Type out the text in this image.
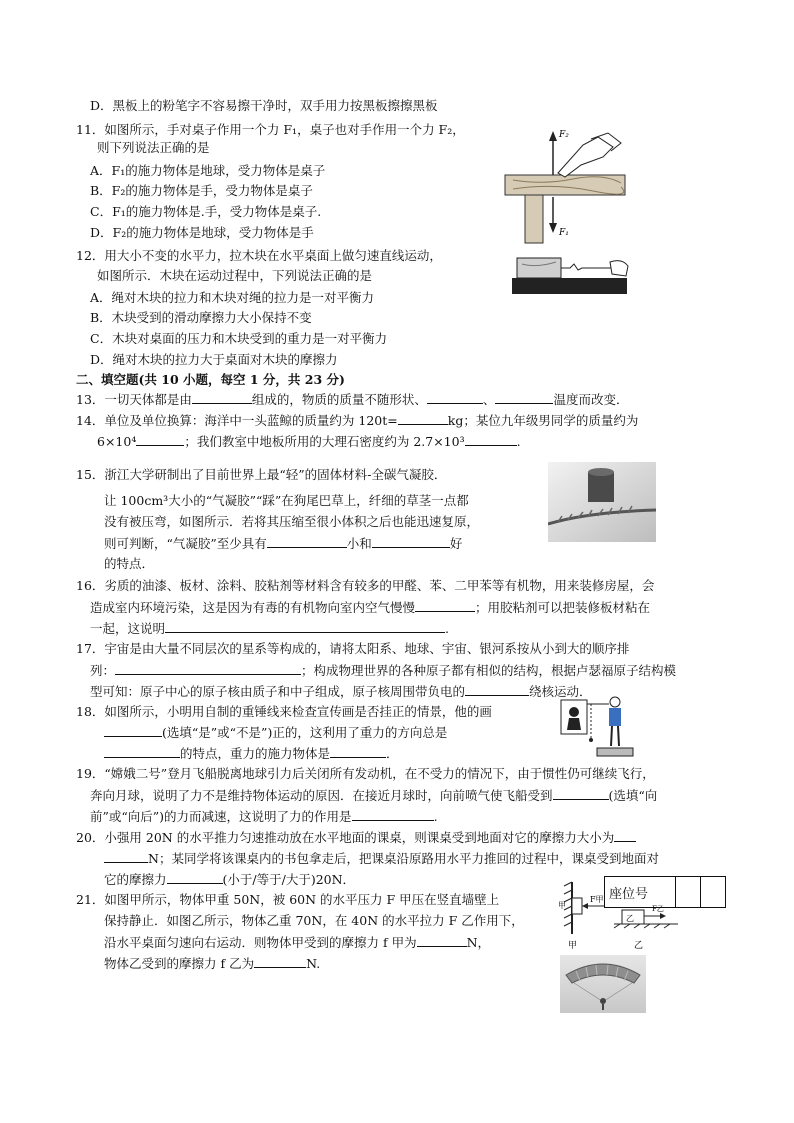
D．黑板上的粉笔字不容易擦干净时，双手用力按黑板擦擦黑板
11．如图所示，手对桌子作用一个力 F₁，桌子也对手作用一个力 F₂，
则下列说法正确的是
A．F₁的施力物体是地球，受力物体是桌子
B．F₂的施力物体是手，受力物体是桌子
C．F₁的施力物体是.手，受力物体是桌子.
D．F₂的施力物体是地球，受力物体是手
F₂
F₁
12．用大小不变的水平力，拉木块在水平桌面上做匀速直线运动，
如图所示．木块在运动过程中，下列说法正确的是
A．绳对木块的拉力和木块对绳的拉力是一对平衡力
B．木块受到的滑动摩擦力大小保持不变
C．木块对桌面的压力和木块受到的重力是一对平衡力
D．绳对木块的拉力大于桌面对木块的摩擦力
二、填空题(共 10 小题，每空 1 分，共 23 分)
13．一切天体都是由	组成的，物质的质量不随形状、	、	温度而改变．
14．单位及单位换算：海洋中一头蓝鲸的质量约为 120t=	kg；某位九年级男同学的质量约为
6×10⁴	；我们教室中地板所用的大理石密度约为 2.7×10³	.
15．浙江大学研制出了目前世界上最“轻”的固体材料-全碳气凝胶．
让 100cm³大小的“气凝胶”“踩”在狗尾巴草上，纤细的草茎一点都
没有被压弯，如图所示．若将其压缩至很小体积之后也能迅速复原，
则可判断，“气凝胶”至少具有	小和	好
的特点．
16．劣质的油漆、板材、涂料、胶粘剂等材料含有较多的甲醛、苯、二甲苯等有机物，用来装修房屋，会
造成室内环境污染，这是因为有毒的有机物向室内空气慢慢	；用胶粘剂可以把装修板材粘在
一起，这说明	.
17．宇宙是由大量不同层次的星系等构成的，请将太阳系、地球、宇宙、银河系按从小到大的顺序排
列：	；构成物理世界的各种原子都有相似的结构，根据卢瑟福原子结构模
型可知：原子中心的原子核由质子和中子组成，原子核周围带负电的	绕核运动．
18．如图所示，小明用自制的重锤线来检查宣传画是否挂正的情景，他的画
(选填“是”或“不是”)正的，这利用了重力的方向总是
的特点，重力的施力物体是	．
19．“嫦娥二号”登月飞船脱离地球引力后关闭所有发动机，在不受力的情况下，由于惯性仍可继续飞行，
奔向月球，说明了力不是维持物体运动的原因．在接近月球时，向前喷气使飞船受到	(选填“向
前”或“向后”)的力而减速，这说明了力的作用是	.
20．小强用 20N 的水平推力匀速推动放在水平地面的课桌，则课桌受到地面对它的摩擦力大小为
N；某同学将该课桌内的书包拿走后，把课桌沿原路用水平力推回的过程中，课桌受到地面对
它的摩擦力	(小于/等于/大于)20N．
21．如图甲所示，物体甲重 50N，被 60N 的水平压力 F 甲压在竖直墙壁上
保持静止．如图乙所示，物体乙重 70N，在 40N 的水平拉力 F 乙作用下，
沿水平桌面匀速向右运动．则物体甲受到的摩擦力 f 甲为	N，
物体乙受到的摩擦力 f 乙为	N.
座位号		
F甲
甲
甲
乙
F乙
乙
